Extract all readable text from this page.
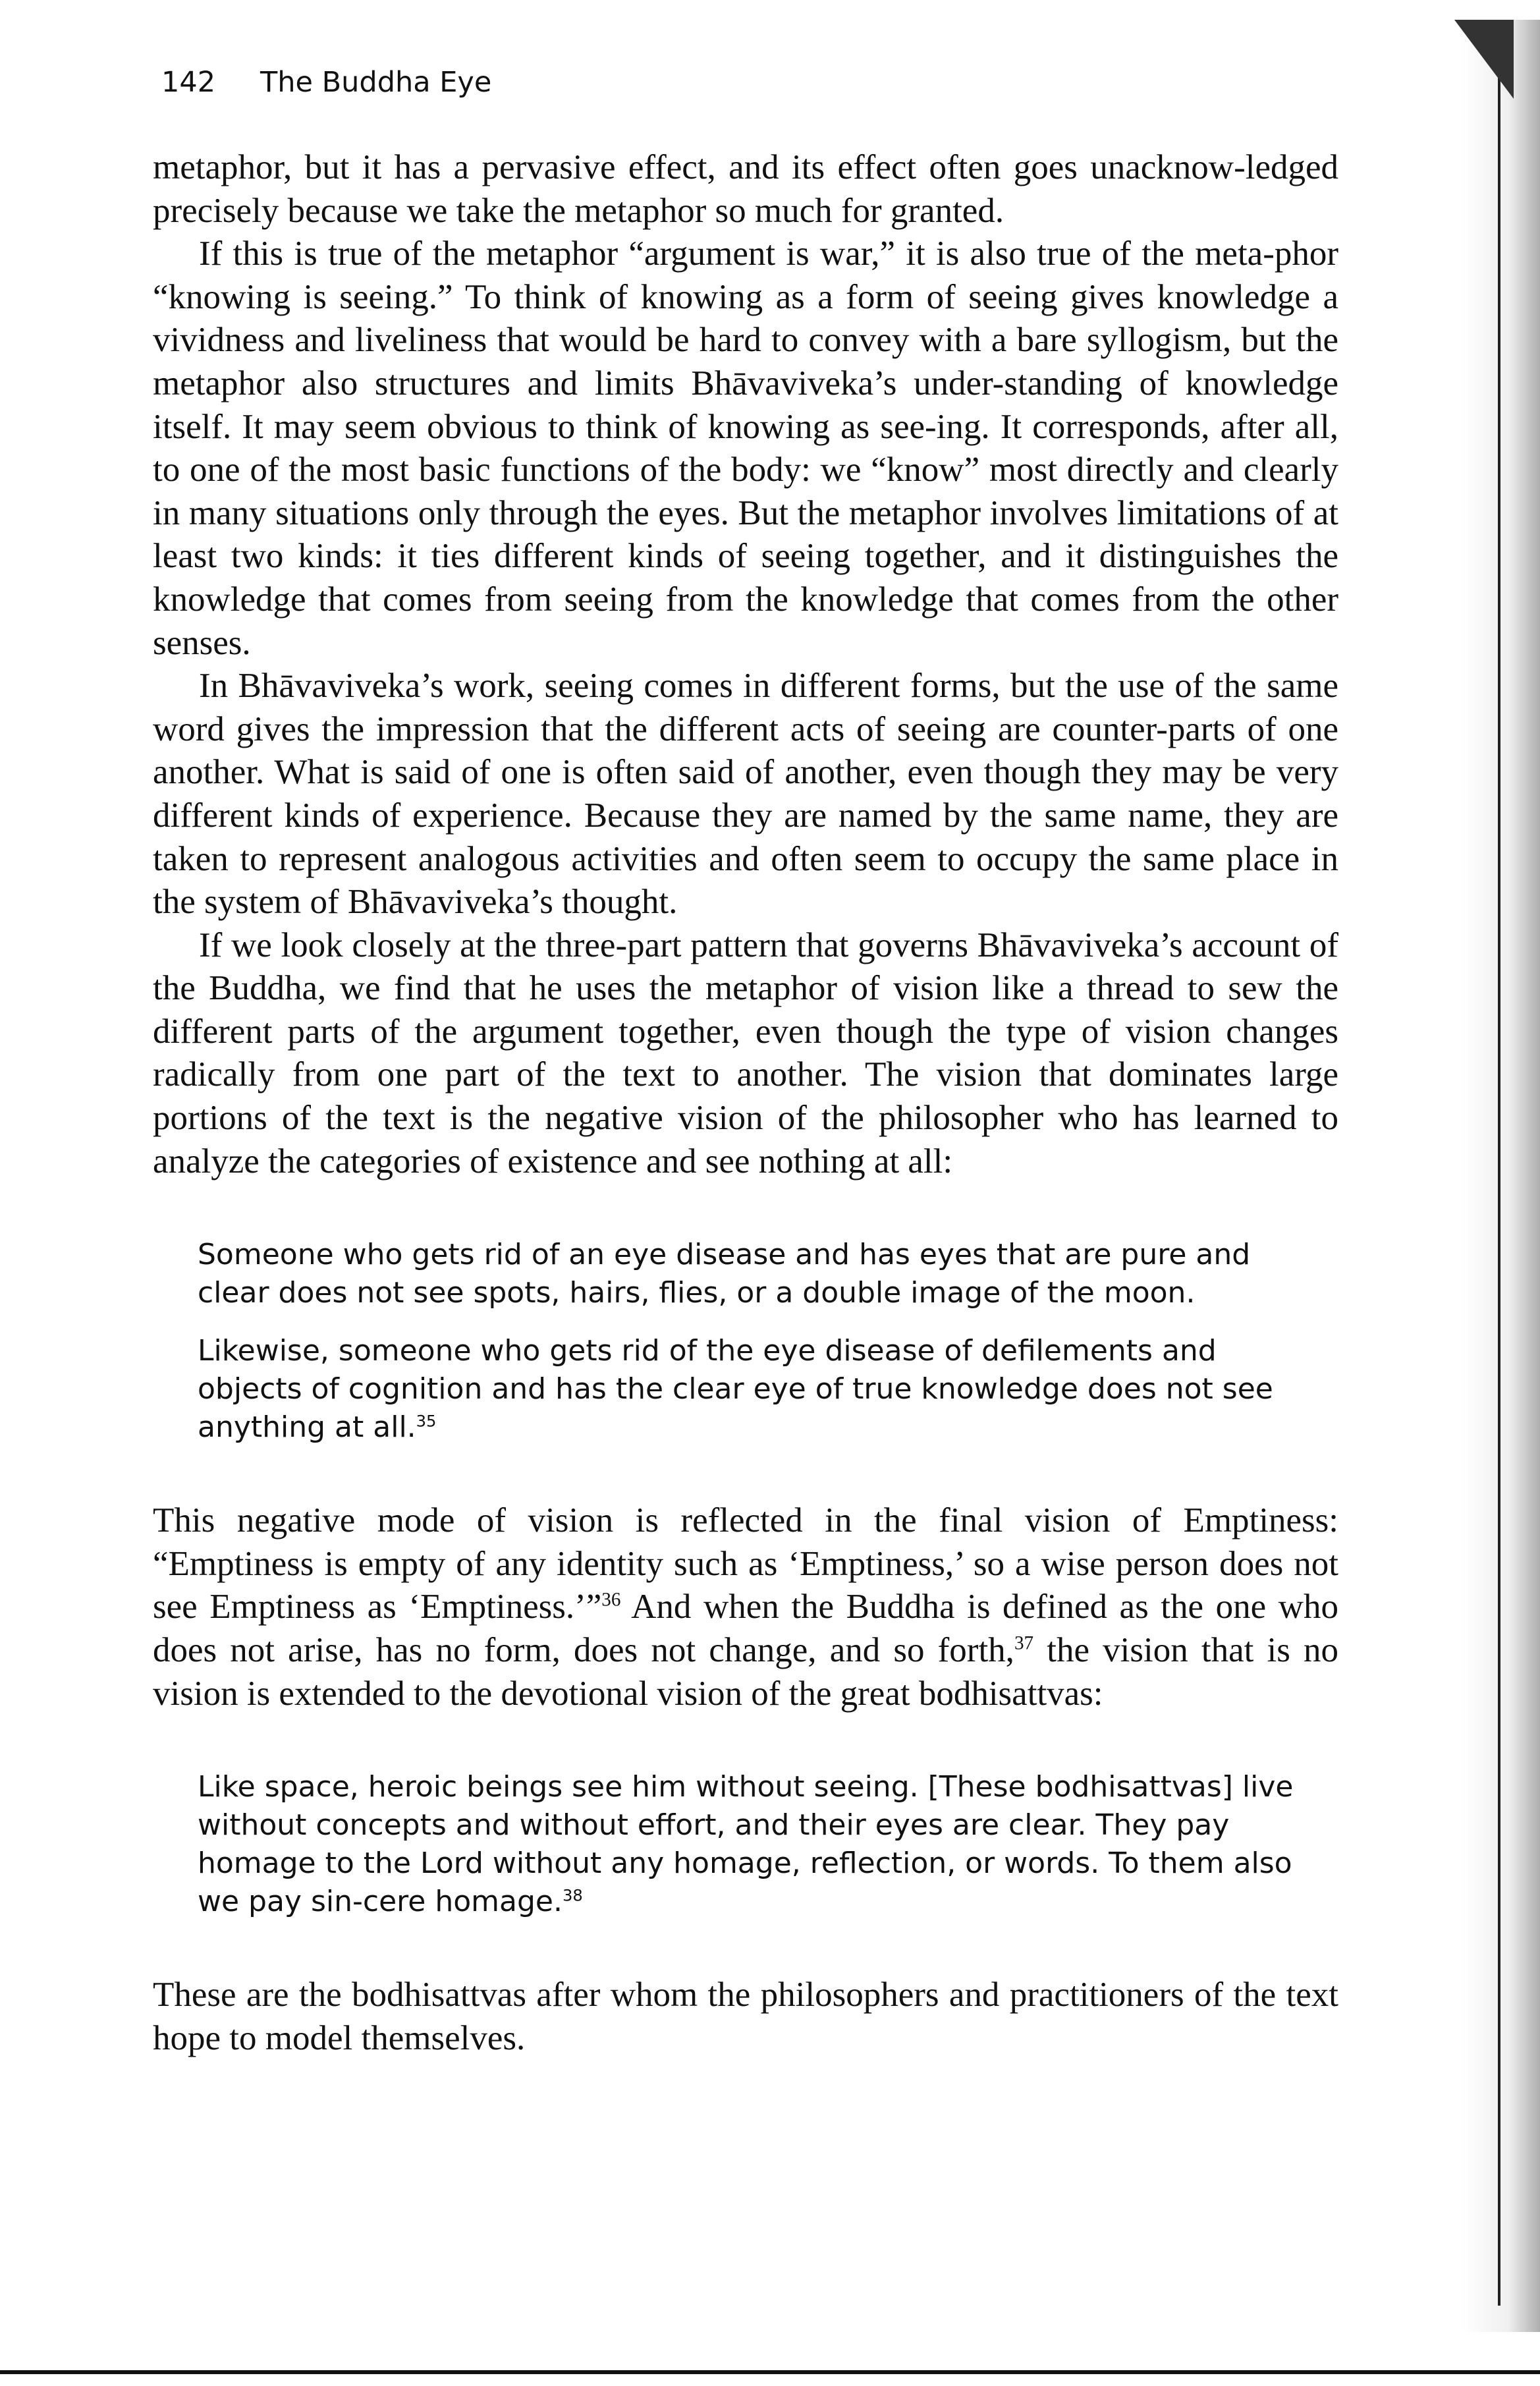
142 The Buddha Eye

metaphor, but it has a pervasive effect, and its effect often goes unacknow-ledged precisely because we take the metaphor so much for granted.

If this is true of the metaphor “argument is war,” it is also true of the meta-phor “knowing is seeing.” To think of knowing as a form of seeing gives knowledge a vividness and liveliness that would be hard to convey with a bare syllogism, but the metaphor also structures and limits Bhāvaviveka’s under-standing of knowledge itself. It may seem obvious to think of knowing as see-ing. It corresponds, after all, to one of the most basic functions of the body: we “know” most directly and clearly in many situations only through the eyes. But the metaphor involves limitations of at least two kinds: it ties different kinds of seeing together, and it distinguishes the knowledge that comes from seeing from the knowledge that comes from the other senses.

In Bhāvaviveka’s work, seeing comes in different forms, but the use of the same word gives the impression that the different acts of seeing are counter-parts of one another. What is said of one is often said of another, even though they may be very different kinds of experience. Because they are named by the same name, they are taken to represent analogous activities and often seem to occupy the same place in the system of Bhāvaviveka’s thought.

If we look closely at the three-part pattern that governs Bhāvaviveka’s account of the Buddha, we find that he uses the metaphor of vision like a thread to sew the different parts of the argument together, even though the type of vision changes radically from one part of the text to another. The vision that dominates large portions of the text is the negative vision of the philosopher who has learned to analyze the categories of existence and see nothing at all:

Someone who gets rid of an eye disease and has eyes that are pure and clear does not see spots, hairs, flies, or a double image of the moon.

Likewise, someone who gets rid of the eye disease of defilements and objects of cognition and has the clear eye of true knowledge does not see anything at all.$^{35}$

This negative mode of vision is reflected in the final vision of Emptiness: “Emptiness is empty of any identity such as ‘Emptiness,’ so a wise person does not see Emptiness as ‘Emptiness.’”$^{36}$ And when the Buddha is defined as the one who does not arise, has no form, does not change, and so forth,$^{37}$ the vision that is no vision is extended to the devotional vision of the great bodhisattvas:

Like space, heroic beings see him without seeing. [These bodhisattvas] live without concepts and without effort, and their eyes are clear. They pay homage to the Lord without any homage, reflection, or words. To them also we pay sin-cere homage.$^{38}$

These are the bodhisattvas after whom the philosophers and practitioners of the text hope to model themselves.
